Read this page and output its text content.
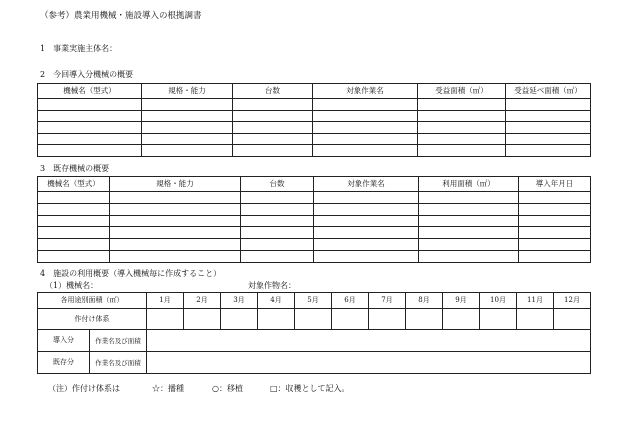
（参考）農業用機械・施設導入の根拠調書
1　事業実施主体名：
2　今回導入分機械の概要
機械名（型式）	規格・能力	台数	対象作業名	受益面積（㎡）	受益延べ面積（㎡）

3　既存機械の概要
機械名（型式）	規格・能力	台数	対象作業名	利用面積（㎡）	導入年月日

4　施設の利用概要（導入機械毎に作成すること）
（1）機械名：	対象作物名：
各用途別面積（㎡）		1月	2月	3月	4月	5月	6月	7月	8月	9月	10月	11月	12月
作付け体系													
導入分	作業名及び面積												
既存分	作業名及び面積												
（注）作付け体系は	☆：播種	○：移植	□：収穫として記入。
